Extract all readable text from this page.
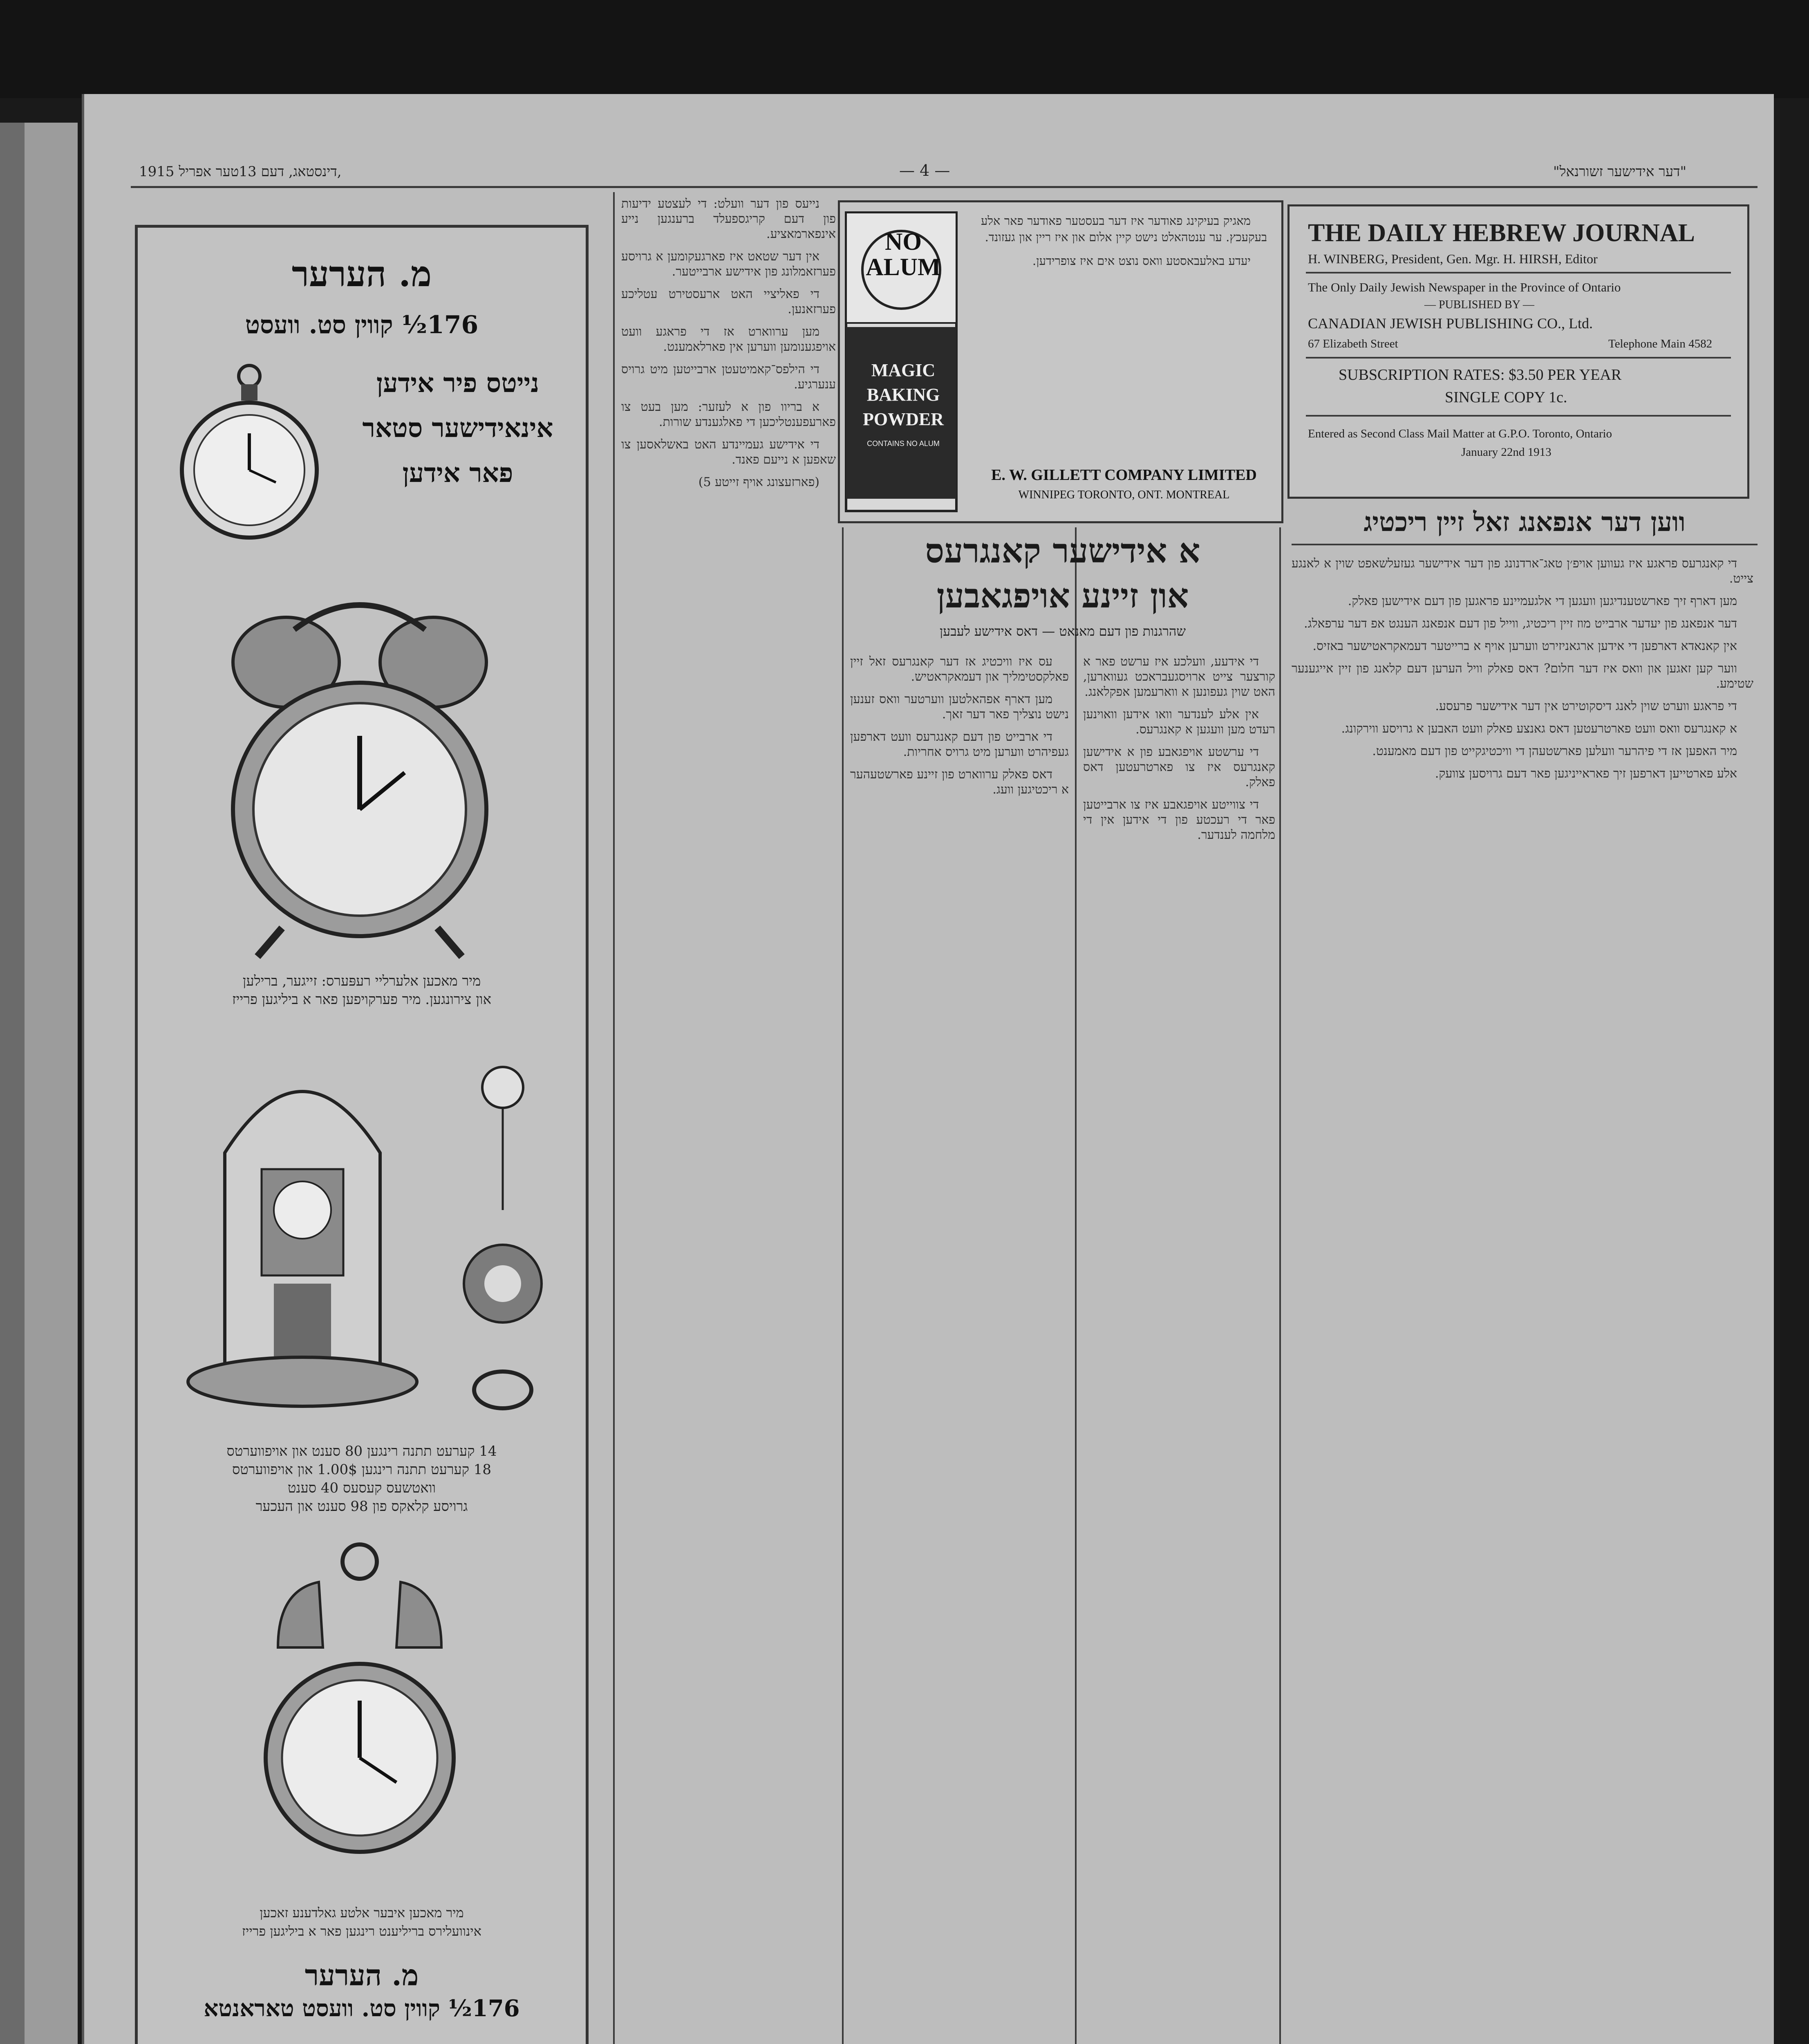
1915 דינסטאג, דעם 13טער אפריל,	— 4 —	"דער אידישער זשורנאל"
THE DAILY HEBREW JOURNAL
H. WINBERG, President, Gen. Mgr. H. HIRSH, Editor
The Only Daily Jewish Newspaper in the Province of Ontario
— PUBLISHED BY —
CANADIAN JEWISH PUBLISHING CO., Ltd.
67 Elizabeth Street	Telephone Main 4582
SUBSCRIPTION RATES: $3.50 PER YEAR
SINGLE COPY 1c.
Entered as Second Class Mail Matter at G.P.O. Toronto, Ontario
January 22nd 1913
NO ALUM
MAGIC
BAKING
POWDER
CONTAINS NO ALUM

מאגיק בעיקינג פאודער איז דער בעסטער פאודער פאר אלע בעקעכץ. ער ענטהאלט נישט קיין אלום און איז ריין און געזונד.

יעדע באלעבאסטע וואס נוצט אים איז צופרידען.

E. W. GILLETT COMPANY LIMITED
WINNIPEG TORONTO, ONT. MONTREAL
ווען דער אנפאנג זאל זיין ריכטיג

די קאנגרעס פראגע איז געווען אויפ׳ן טאג־ארדנונג פון דער אידישער געזעלשאפט שוין א לאנגע צייט.

מען דארף זיך פארשטענדיגען וועגען די אלגעמיינע פראגען פון דעם אידישען פאלק.

דער אנפאנג פון יעדער ארבייט מוז זיין ריכטיג, ווייל פון דעם אנפאנג הענגט אפ דער ערפאלג.

אין קאנאדא דארפען די אידען ארגאניזירט ווערען אויף א ברייטער דעמאקראטישער באזיס.

ווער קען זאגען און וואס איז דער חלום? דאס פאלק וויל הערען דעם קלאנג פון זיין אייגענער שטימע.

די פראגע ווערט שוין לאנג דיסקוטירט אין דער אידישער פרעסע.

א קאנגרעס וואס וועט פארטרעטען דאס גאנצע פאלק וועט האבען א גרויסע ווירקונג.

מיר האפען אז די פיהרער וועלען פארשטעהן די וויכטיגקייט פון דעם מאמענט.

אלע פארטייען דארפען זיך פאראייניגען פאר דעם גרויסען צוועק.

א אידישער קאנגרעס
און זיינע אויפגאבען
שהרגנות פון דעם מאנאט — דאס אידישע לעבען

די אידעע, וועלכע איז ערשט פאר א קורצער צייט ארויסגעבראכט געווארען, האט שוין געפונען א ווארעמען אפקלאנג.

אין אלע לענדער וואו אידען וואוינען רעדט מען וועגען א קאנגרעס.

די ערשטע אויפגאבע פון א אידישען קאנגרעס איז צו פארטרעטען דאס פאלק.

די צווייטע אויפגאבע איז צו ארבייטען פאר די רעכטע פון די אידען אין די מלחמה לענדער.

עס איז וויכטיג אז דער קאנגרעס זאל זיין פאלקסטימליך און דעמאקראטיש.

מען דארף אפהאלטען ווערטער וואס זענען נישט נוצליך פאר דער זאך.

די ארבייט פון דעם קאנגרעס וועט דארפען געפיהרט ווערען מיט גרויס אחריות.

דאס פאלק ערווארט פון זיינע פארשטעהער א ריכטיגען וועג.

נייעס פון דער וועלט: די לעצטע ידיעות פון דעם קריגספעלד ברענגען נייע אינפארמאציע.

אין דער שטאט איז פארגעקומען א גרויסע פערזאמלונג פון אידישע ארבייטער.

די פאליציי האט ארעסטירט עטליכע פערזאנען.

מען ערווארט אז די פראגע וועט אויפגענומען ווערען אין פארלאמענט.

די הילפס־קאמיטעטן ארבייטען מיט גרויס ענערגיע.

א בריוו פון א לעזער: מען בעט צו פארעפענטליכען די פאלגענדע שורות.

די אידישע געמיינדע האט באשלאסען צו שאפען א נייעם פאנד.

(פארזעצונג אויף זייטע 5)

מ. הערער
176½ קווין סט. וועסט
נייטס פיר אידען
אינאידישער סטאר
פאר אידען
מיר מאכען אלערליי רעפּערס: זייגער, ברילען
און צירונגען. מיר פערקויפען פאר א ביליגען פרייז
14 קערעט תתנה רינגען 80 סענט און אויפווערטס
18 קערעט תתנה רינגען 1.00$ און אויפווערטס
וואטשעס קעסעס 40 סענט
גרויסע קלאקס פון 98 סענט און העכער
מיר מאכען איבער אלטע גאלדענע זאכען
אינוועלירס בריליענט רינגען פאר א ביליגען פרייז
מ. הערער
176½ קווין סט. וועסט טאראנטא
